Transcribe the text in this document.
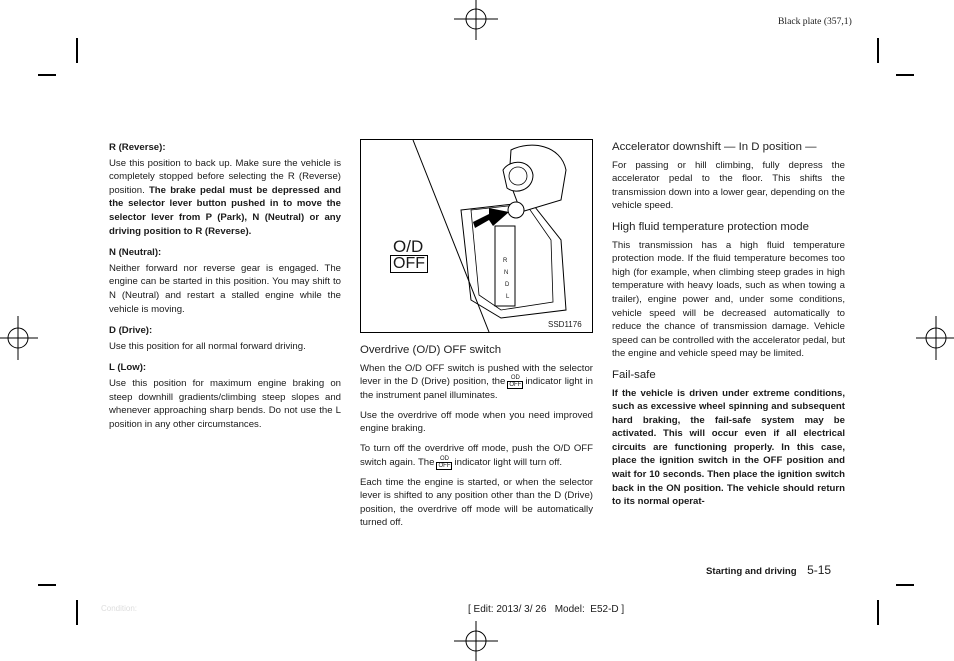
Black plate (357,1)
R (Reverse):

Use this position to back up. Make sure the vehicle is completely stopped before selecting the R (Reverse) position. The brake pedal must be depressed and the selector lever button pushed in to move the selector lever from P (Park), N (Neutral) or any driving position to R (Reverse).

N (Neutral):

Neither forward nor reverse gear is engaged. The engine can be started in this position. You may shift to N (Neutral) and restart a stalled engine while the vehicle is moving.

D (Drive):

Use this position for all normal forward driving.

L (Low):

Use this position for maximum engine braking on steep downhill gradients/climbing steep slopes and whenever approaching sharp bends. Do not use the L position in any other circumstances.

O/D
OFF	R
N
D
L
SSD1176
Overdrive (O/D) OFF switch

When the O/D OFF switch is pushed with the selector lever in the D (Drive) position, the OD
OFF indicator light in the instrument panel illuminates.

Use the overdrive off mode when you need improved engine braking.

To turn off the overdrive off mode, push the O/D OFF switch again. The OD
OFF indicator light will turn off.

Each time the engine is started, or when the selector lever is shifted to any position other than the D (Drive) position, the overdrive off mode will be automatically turned off.

Accelerator downshift — In D position —

For passing or hill climbing, fully depress the accelerator pedal to the floor. This shifts the transmission down into a lower gear, depending on the vehicle speed.

High fluid temperature protection mode

This transmission has a high fluid temperature protection mode. If the fluid temperature becomes too high (for example, when climbing steep grades in high temperature with heavy loads, such as when towing a trailer), engine power and, under some conditions, vehicle speed will be decreased automatically to reduce the chance of transmission damage. Vehicle speed can be controlled with the accelerator pedal, but the engine and vehicle speed may be limited.

Fail-safe

If the vehicle is driven under extreme conditions, such as excessive wheel spinning and subsequent hard braking, the fail-safe system may be activated. This will occur even if all electrical circuits are functioning properly. In this case, place the ignition switch in the OFF position and wait for 10 seconds. Then place the ignition switch back in the ON position. The vehicle should return to its normal operat-

Starting and driving 5-15
Condition:	[ Edit: 2013/ 3/ 26   Model:  E52-D ]
